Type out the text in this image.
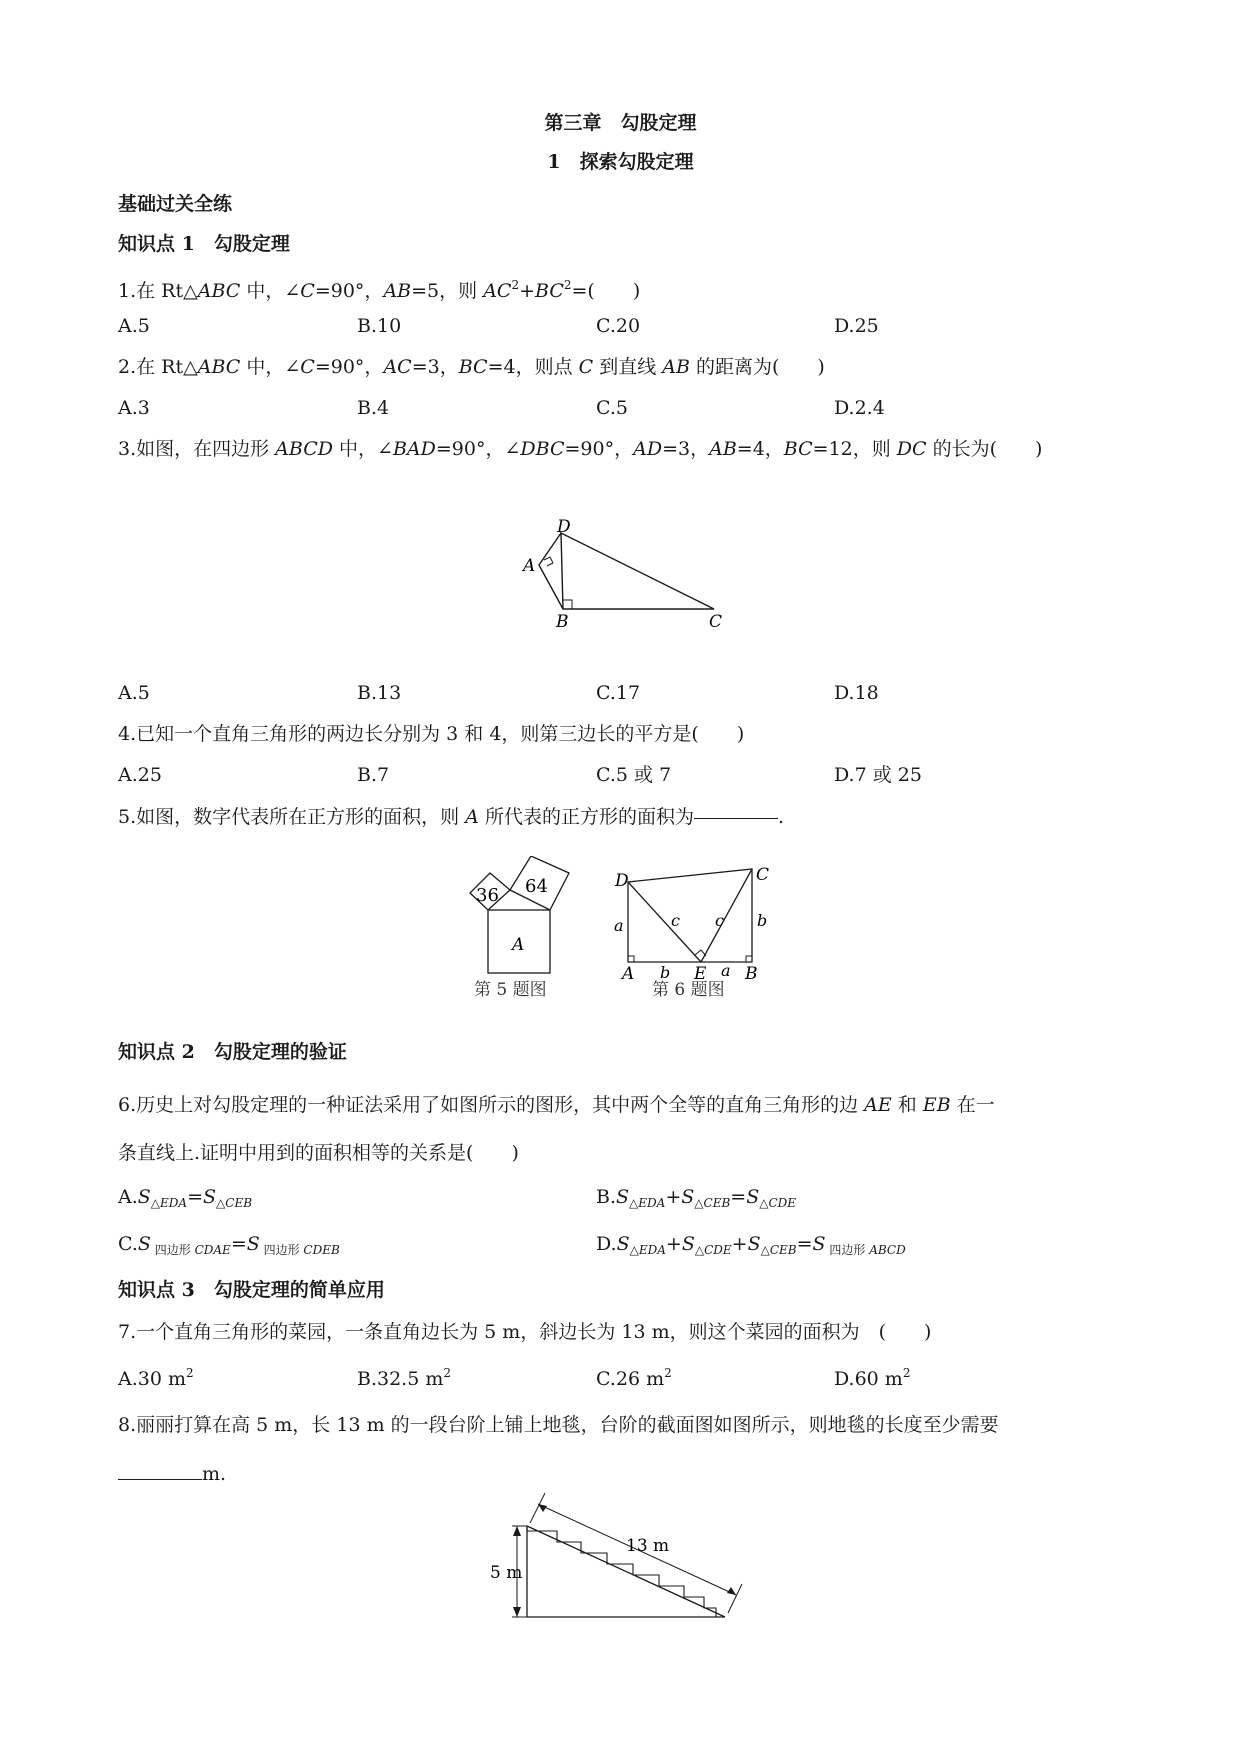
第三章　勾股定理
1　探索勾股定理
基础过关全练
知识点 1　勾股定理
1.在 Rt△ABC 中，∠C=90°，AB=5，则 $AC^2+BC^2=$(　　)
A.5	B.10	C.20	D.25
2.在 Rt△ABC 中，∠C=90°，AC=3，BC=4，则点 C 到直线 AB 的距离为(　　)
A.3	B.4	C.5	D.2.4
3.如图，在四边形 ABCD 中，∠BAD=90°，∠DBC=90°，AD=3，AB=4，BC=12，则 DC 的长为(　　)
D
A
B	C
A.5	B.13	C.17	D.18
4.已知一个直角三角形的两边长分别为 3 和 4，则第三边长的平方是(　　)
A.25	B.7	C.5 或 7	D.7 或 25
5.如图，数字代表所在正方形的面积，则 A 所代表的正方形的面积为	.
36 64
A
第 5 题图
D	C
A	E B
a
b
c c b
a
第 6 题图
知识点 2　勾股定理的验证
6.历史上对勾股定理的一种证法采用了如图所示的图形，其中两个全等的直角三角形的边 AE 和 EB 在一
条直线上.证明中用到的面积相等的关系是(　　)
$A.S_{\triangle EDA}=S_{\triangle CEB}$	$B.S_{\triangle EDA}+S_{\triangle CEB}=S_{\triangle CDE}$
C.S $_{四边形 CDAE}$=S $_{四边形 CDEB}$	$D.S_{\triangle EDA}+S_{\triangle CDE}+S_{\triangle CEB}=S$ $_{四边形 ABCD}$
知识点 3　勾股定理的简单应用
7.一个直角三角形的菜园，一条直角边长为 5 m，斜边长为 13 m，则这个菜园的面积为　(　　)
A.30 $m^2$	B.32.5 $m^2$	C.26 $m^2$	D.60 $m^2$
8.丽丽打算在高 5 m，长 13 m 的一段台阶上铺上地毯，台阶的截面图如图所示，则地毯的长度至少需要
m.
5 m
13 m
